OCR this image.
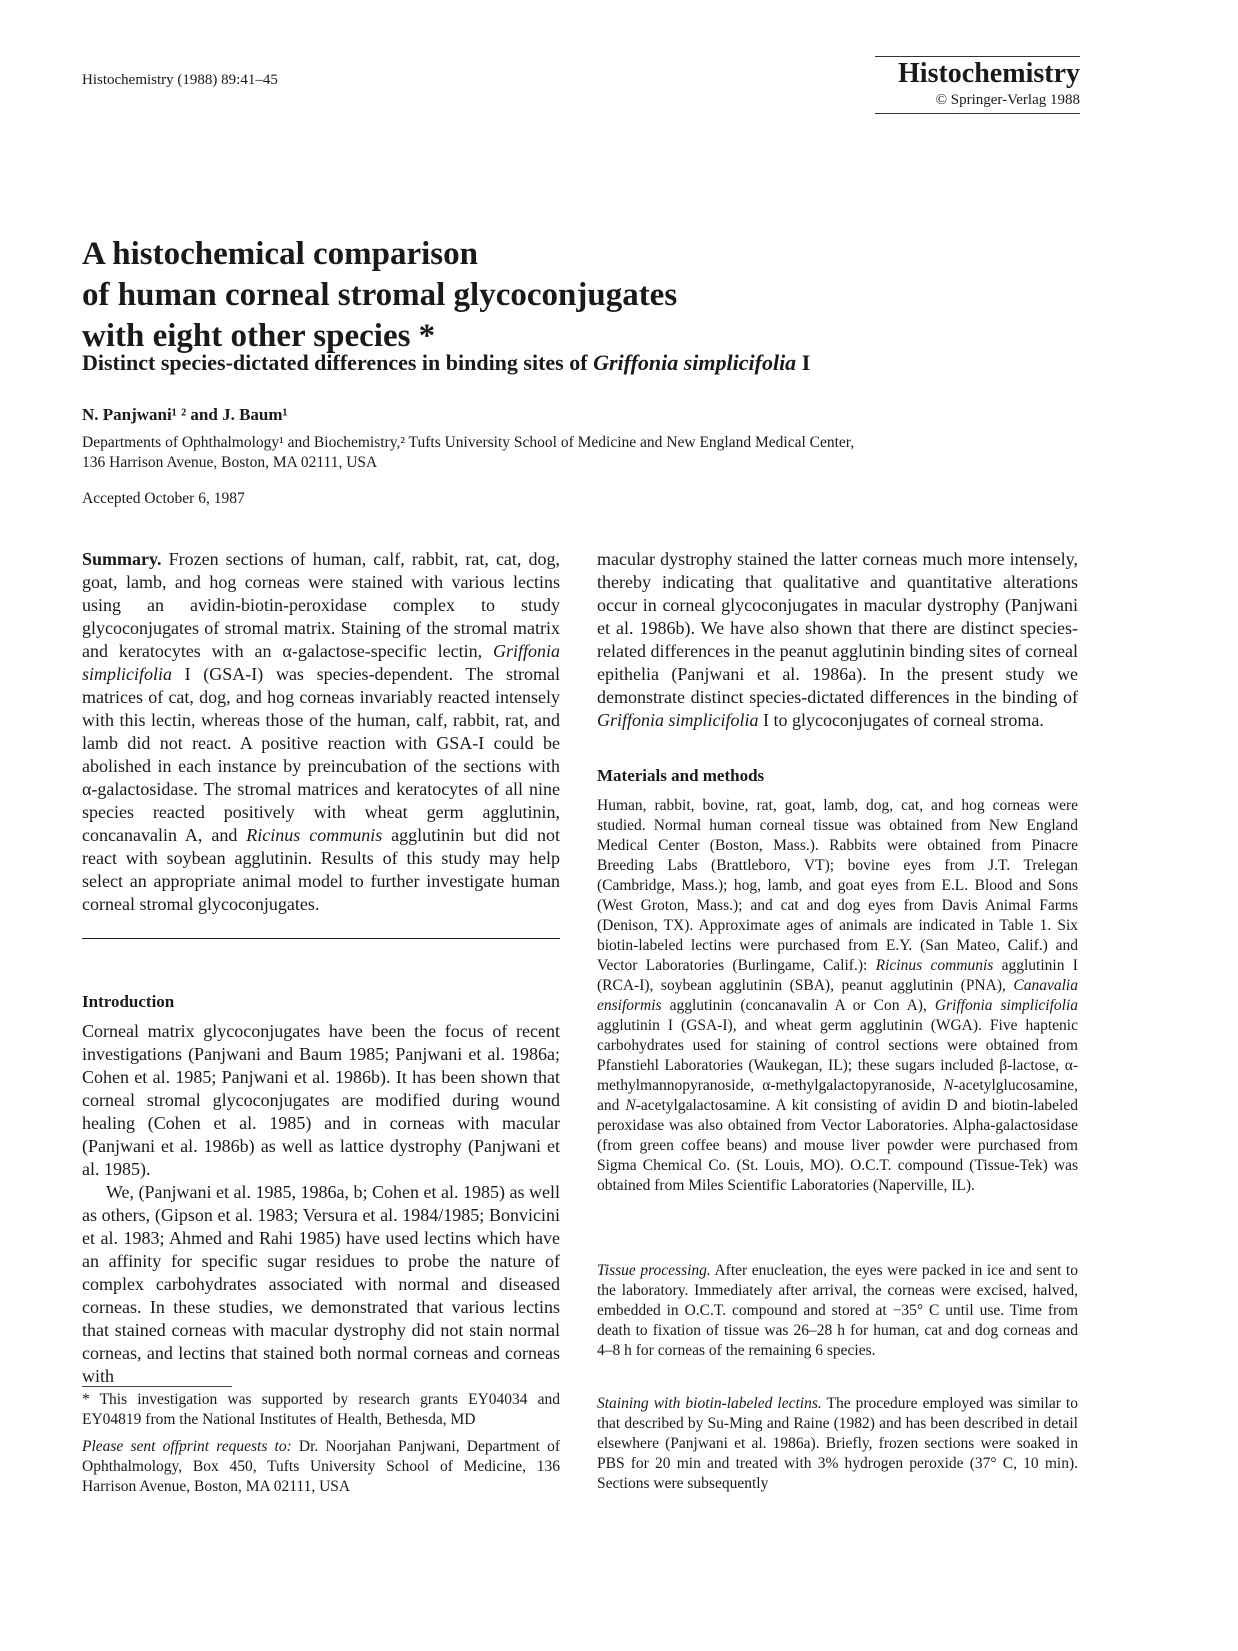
Histochemistry (1988) 89:41–45	Histochemistry
© Springer-Verlag 1988
A histochemical comparison
of human corneal stromal glycoconjugates
with eight other species *
Distinct species-dictated differences in binding sites of Griffonia simplicifolia I
N. Panjwani¹ ² and J. Baum¹
Departments of Ophthalmology¹ and Biochemistry,² Tufts University School of Medicine and New England Medical Center,
136 Harrison Avenue, Boston, MA 02111, USA
Accepted October 6, 1987

Summary. Frozen sections of human, calf, rabbit, rat, cat, dog, goat, lamb, and hog corneas were stained with various lectins using an avidin-biotin-peroxidase complex to study glycoconjugates of stromal matrix. Staining of the stromal matrix and keratocytes with an α-galactose-specific lectin, Griffonia simplicifolia I (GSA-I) was species-dependent. The stromal matrices of cat, dog, and hog corneas invariably reacted intensely with this lectin, whereas those of the human, calf, rabbit, rat, and lamb did not react. A positive reaction with GSA-I could be abolished in each instance by preincubation of the sections with α-galactosidase. The stromal matrices and keratocytes of all nine species reacted positively with wheat germ agglutinin, concanavalin A, and Ricinus communis agglutinin but did not react with soybean agglutinin. Results of this study may help select an appropriate animal model to further investigate human corneal stromal glycoconjugates.

Introduction

Corneal matrix glycoconjugates have been the focus of recent investigations (Panjwani and Baum 1985; Panjwani et al. 1986a; Cohen et al. 1985; Panjwani et al. 1986b). It has been shown that corneal stromal glycoconjugates are modified during wound healing (Cohen et al. 1985) and in corneas with macular (Panjwani et al. 1986b) as well as lattice dystrophy (Panjwani et al. 1985).

We, (Panjwani et al. 1985, 1986a, b; Cohen et al. 1985) as well as others, (Gipson et al. 1983; Versura et al. 1984/1985; Bonvicini et al. 1983; Ahmed and Rahi 1985) have used lectins which have an affinity for specific sugar residues to probe the nature of complex carbohydrates associated with normal and diseased corneas. In these studies, we demonstrated that various lectins that stained corneas with macular dystrophy did not stain normal corneas, and lectins that stained both normal corneas and corneas with

* This investigation was supported by research grants EY04034 and EY04819 from the National Institutes of Health, Bethesda, MD
Please sent offprint requests to: Dr. Noorjahan Panjwani, Department of Ophthalmology, Box 450, Tufts University School of Medicine, 136 Harrison Avenue, Boston, MA 02111, USA

macular dystrophy stained the latter corneas much more intensely, thereby indicating that qualitative and quantitative alterations occur in corneal glycoconjugates in macular dystrophy (Panjwani et al. 1986b). We have also shown that there are distinct species-related differences in the peanut agglutinin binding sites of corneal epithelia (Panjwani et al. 1986a). In the present study we demonstrate distinct species-dictated differences in the binding of Griffonia simplicifolia I to glycoconjugates of corneal stroma.

Materials and methods

Human, rabbit, bovine, rat, goat, lamb, dog, cat, and hog corneas were studied. Normal human corneal tissue was obtained from New England Medical Center (Boston, Mass.). Rabbits were obtained from Pinacre Breeding Labs (Brattleboro, VT); bovine eyes from J.T. Trelegan (Cambridge, Mass.); hog, lamb, and goat eyes from E.L. Blood and Sons (West Groton, Mass.); and cat and dog eyes from Davis Animal Farms (Denison, TX). Approximate ages of animals are indicated in Table 1. Six biotin-labeled lectins were purchased from E.Y. (San Mateo, Calif.) and Vector Laboratories (Burlingame, Calif.): Ricinus communis agglutinin I (RCA-I), soybean agglutinin (SBA), peanut agglutinin (PNA), Canavalia ensiformis agglutinin (concanavalin A or Con A), Griffonia simplicifolia agglutinin I (GSA-I), and wheat germ agglutinin (WGA). Five haptenic carbohydrates used for staining of control sections were obtained from Pfanstiehl Laboratories (Waukegan, IL); these sugars included β-lactose, α-methylmannopyranoside, α-methylgalactopyranoside, N-acetylglucosamine, and N-acetylgalactosamine. A kit consisting of avidin D and biotin-labeled peroxidase was also obtained from Vector Laboratories. Alpha-galactosidase (from green coffee beans) and mouse liver powder were purchased from Sigma Chemical Co. (St. Louis, MO). O.C.T. compound (Tissue-Tek) was obtained from Miles Scientific Laboratories (Naperville, IL).

Tissue processing. After enucleation, the eyes were packed in ice and sent to the laboratory. Immediately after arrival, the corneas were excised, halved, embedded in O.C.T. compound and stored at −35° C until use. Time from death to fixation of tissue was 26–28 h for human, cat and dog corneas and 4–8 h for corneas of the remaining 6 species.
Staining with biotin-labeled lectins. The procedure employed was similar to that described by Su-Ming and Raine (1982) and has been described in detail elsewhere (Panjwani et al. 1986a). Briefly, frozen sections were soaked in PBS for 20 min and treated with 3% hydrogen peroxide (37° C, 10 min). Sections were subsequently
